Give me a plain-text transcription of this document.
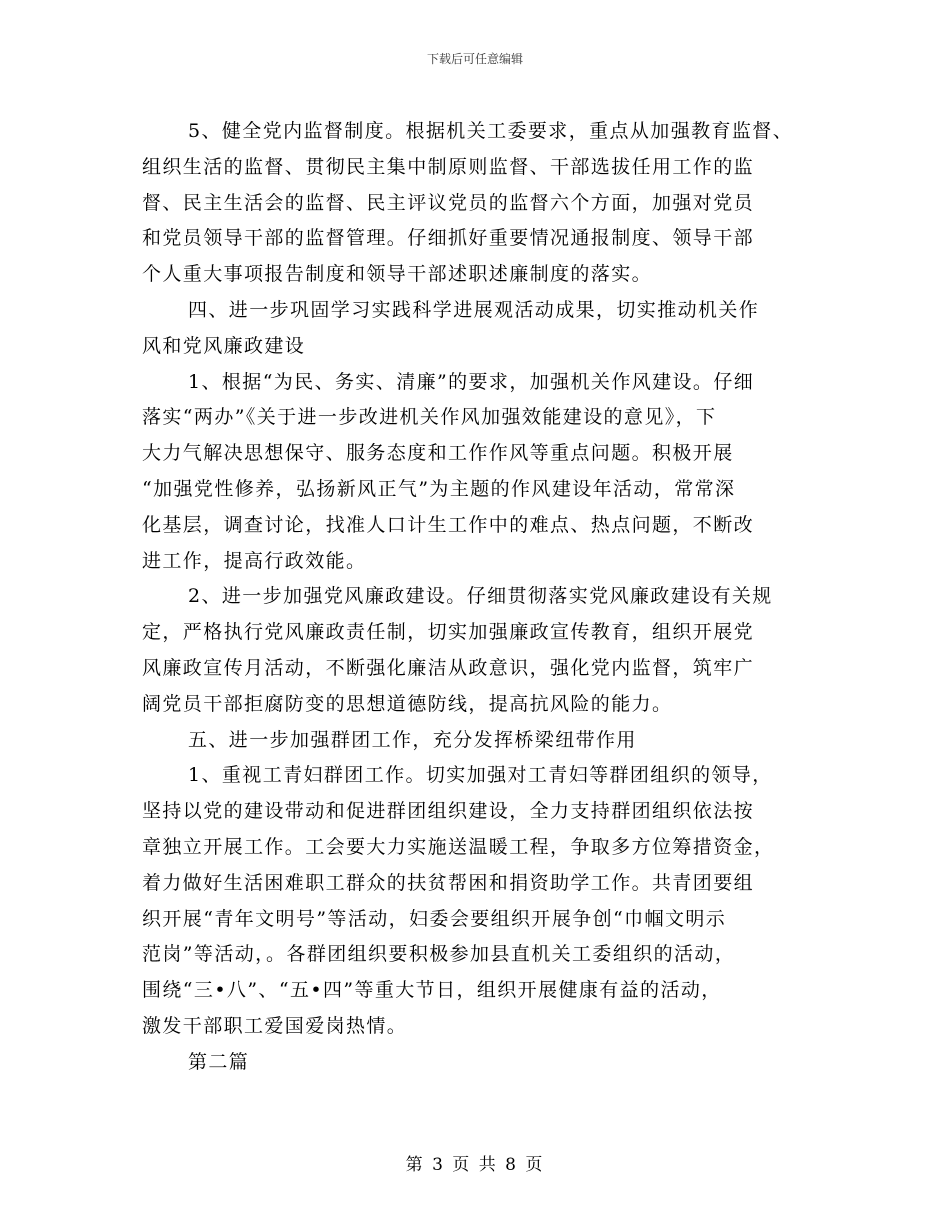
下载后可任意编辑
5、健全党内监督制度。根据机关工委要求，重点从加强教育监督、
组织生活的监督、贯彻民主集中制原则监督、干部选拔任用工作的监
督、民主生活会的监督、民主评议党员的监督六个方面，加强对党员
和党员领导干部的监督管理。仔细抓好重要情况通报制度、领导干部
个人重大事项报告制度和领导干部述职述廉制度的落实。
四、进一步巩固学习实践科学进展观活动成果，切实推动机关作
风和党风廉政建设
1、根据“为民、务实、清廉”的要求，加强机关作风建设。仔细
落实“两办”《关于进一步改进机关作风加强效能建设的意见》，下
大力气解决思想保守、服务态度和工作作风等重点问题。积极开展
“加强党性修养，弘扬新风正气”为主题的作风建设年活动，常常深
化基层，调查讨论，找准人口计生工作中的难点、热点问题，不断改
进工作，提高行政效能。
2、进一步加强党风廉政建设。仔细贯彻落实党风廉政建设有关规
定，严格执行党风廉政责任制，切实加强廉政宣传教育，组织开展党
风廉政宣传月活动，不断强化廉洁从政意识，强化党内监督，筑牢广
阔党员干部拒腐防变的思想道德防线，提高抗风险的能力。
五、进一步加强群团工作，充分发挥桥梁纽带作用
1、重视工青妇群团工作。切实加强对工青妇等群团组织的领导，
坚持以党的建设带动和促进群团组织建设，全力支持群团组织依法按
章独立开展工作。工会要大力实施送温暖工程，争取多方位筹措资金，
着力做好生活困难职工群众的扶贫帮困和捐资助学工作。共青团要组
织开展“青年文明号”等活动，妇委会要组织开展争创“巾帼文明示
范岗”等活动，。各群团组织要积极参加县直机关工委组织的活动，
围绕“三•八”、“五•四”等重大节日，组织开展健康有益的活动，
激发干部职工爱国爱岗热情。
第二篇
第 3 页 共 8 页
